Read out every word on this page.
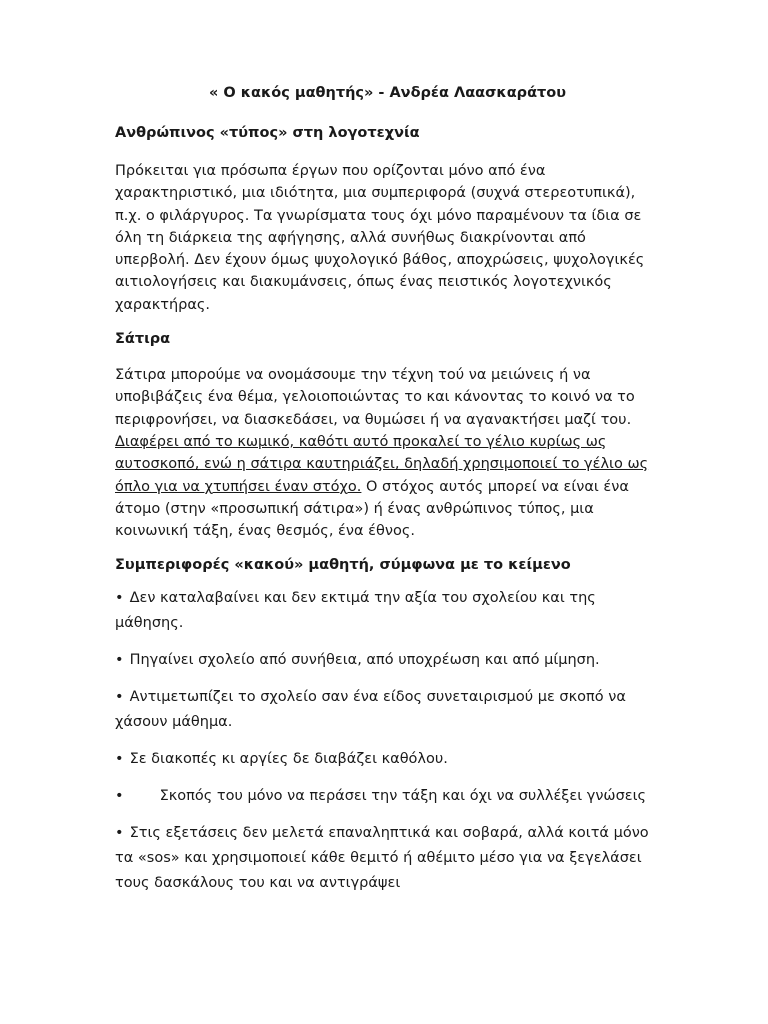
« Ο κακός μαθητής» - Ανδρέα Λαασκαράτου
Ανθρώπινος «τύπος» στη λογοτεχνία
Πρόκειται για πρόσωπα έργων που ορίζονται μόνο από ένα χαρακτηριστικό, μια ιδιότητα, μια συμπεριφορά (συχνά στερεοτυπικά), π.χ. ο φιλάργυρος. Τα γνωρίσματα τους όχι μόνο παραμένουν τα ίδια σε όλη τη διάρκεια της αφήγησης, αλλά συνήθως διακρίνονται από υπερβολή. Δεν έχουν όμως ψυχολογικό βάθος, αποχρώσεις, ψυχολογικές αιτιολογήσεις και διακυμάνσεις, όπως ένας πειστικός λογοτεχνικός χαρακτήρας.
Σάτιρα
Σάτιρα μπορούμε να ονομάσουμε την τέχνη τού να μειώνεις ή να υποβιβάζεις ένα θέμα, γελοιοποιώντας το και κάνοντας το κοινό να το περιφρονήσει, να διασκεδάσει, να θυμώσει ή να αγανακτήσει μαζί του. Διαφέρει από το κωμικό, καθότι αυτό προκαλεί το γέλιο κυρίως ως αυτοσκοπό, ενώ η σάτιρα καυτηριάζει, δηλαδή χρησιμοποιεί το γέλιο ως όπλο για να χτυπήσει έναν στόχο. Ο στόχος αυτός μπορεί να είναι ένα άτομο (στην «προσωπική σάτιρα») ή ένας ανθρώπινος τύπος, μια κοινωνική τάξη, ένας θεσμός, ένα έθνος.
Συμπεριφορές «κακού» μαθητή, σύμφωνα με το κείμενο
• Δεν καταλαβαίνει και δεν εκτιμά την αξία του σχολείου και της μάθησης.
• Πηγαίνει σχολείο από συνήθεια, από υποχρέωση και από μίμηση.
• Αντιμετωπίζει το σχολείο σαν ένα είδος συνεταιρισμού με σκοπό να χάσουν μάθημα.
• Σε διακοπές κι αργίες δε διαβάζει καθόλου.
• Σκοπός του μόνο να περάσει την τάξη και όχι να συλλέξει γνώσεις
• Στις εξετάσεις δεν μελετά επαναληπτικά και σοβαρά, αλλά κοιτά μόνο τα «sos» και χρησιμοποιεί κάθε θεμιτό ή αθέμιτο μέσο για να ξεγελάσει τους δασκάλους του και να αντιγράψει
